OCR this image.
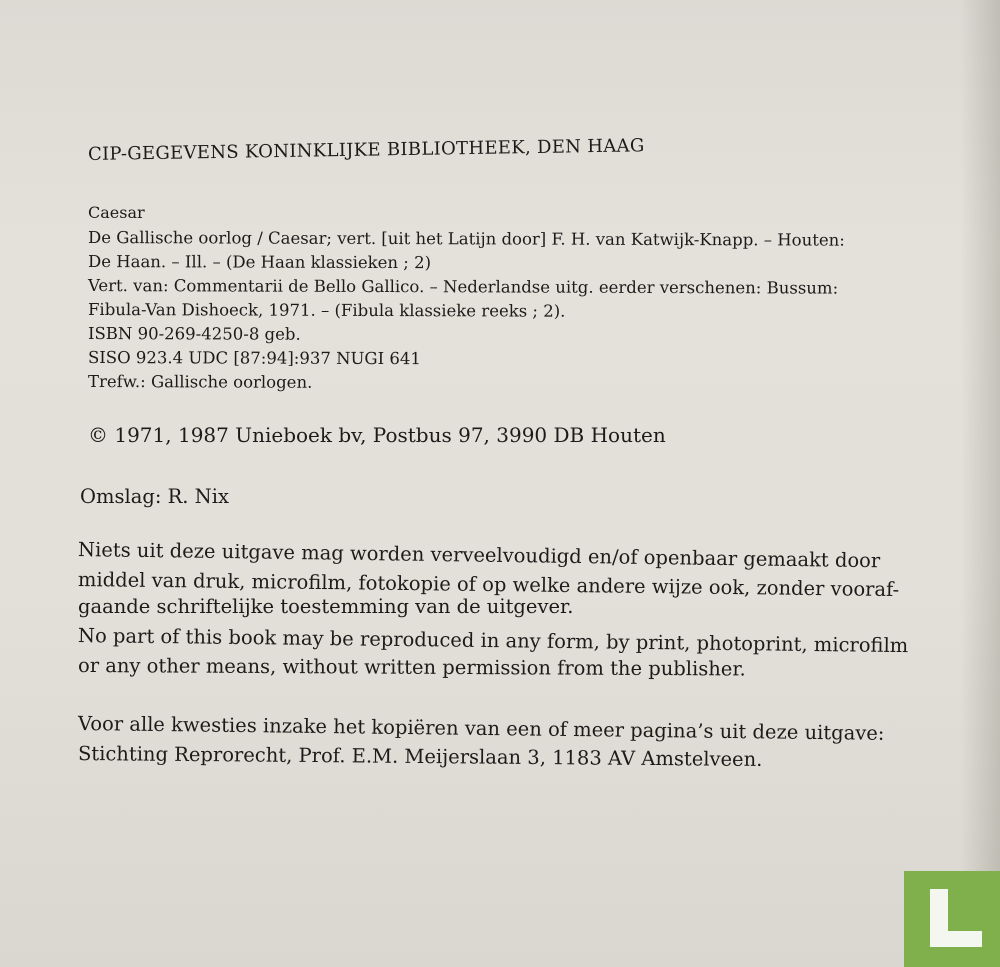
CIP-GEGEVENS KONINKLIJKE BIBLIOTHEEK, DEN HAAG
Caesar
De Gallische oorlog / Caesar; vert. [uit het Latijn door] F. H. van Katwijk-Knapp. – Houten:
De Haan. – Ill. – (De Haan klassieken ; 2)
Vert. van: Commentarii de Bello Gallico. – Nederlandse uitg. eerder verschenen: Bussum:
Fibula-Van Dishoeck, 1971. – (Fibula klassieke reeks ; 2).
ISBN 90-269-4250-8 geb.
SISO 923.4 UDC [87:94]:937 NUGI 641
Trefw.: Gallische oorlogen.
© 1971, 1987 Unieboek bv, Postbus 97, 3990 DB Houten
Omslag: R. Nix
Niets uit deze uitgave mag worden verveelvoudigd en/of openbaar gemaakt door
middel van druk, microfilm, fotokopie of op welke andere wijze ook, zonder vooraf-
gaande schriftelijke toestemming van de uitgever.
No part of this book may be reproduced in any form, by print, photoprint, microfilm
or any other means, without written permission from the publisher.
Voor alle kwesties inzake het kopiëren van een of meer pagina’s uit deze uitgave:
Stichting Reprorecht, Prof. E.M. Meijerslaan 3, 1183 AV Amstelveen.
